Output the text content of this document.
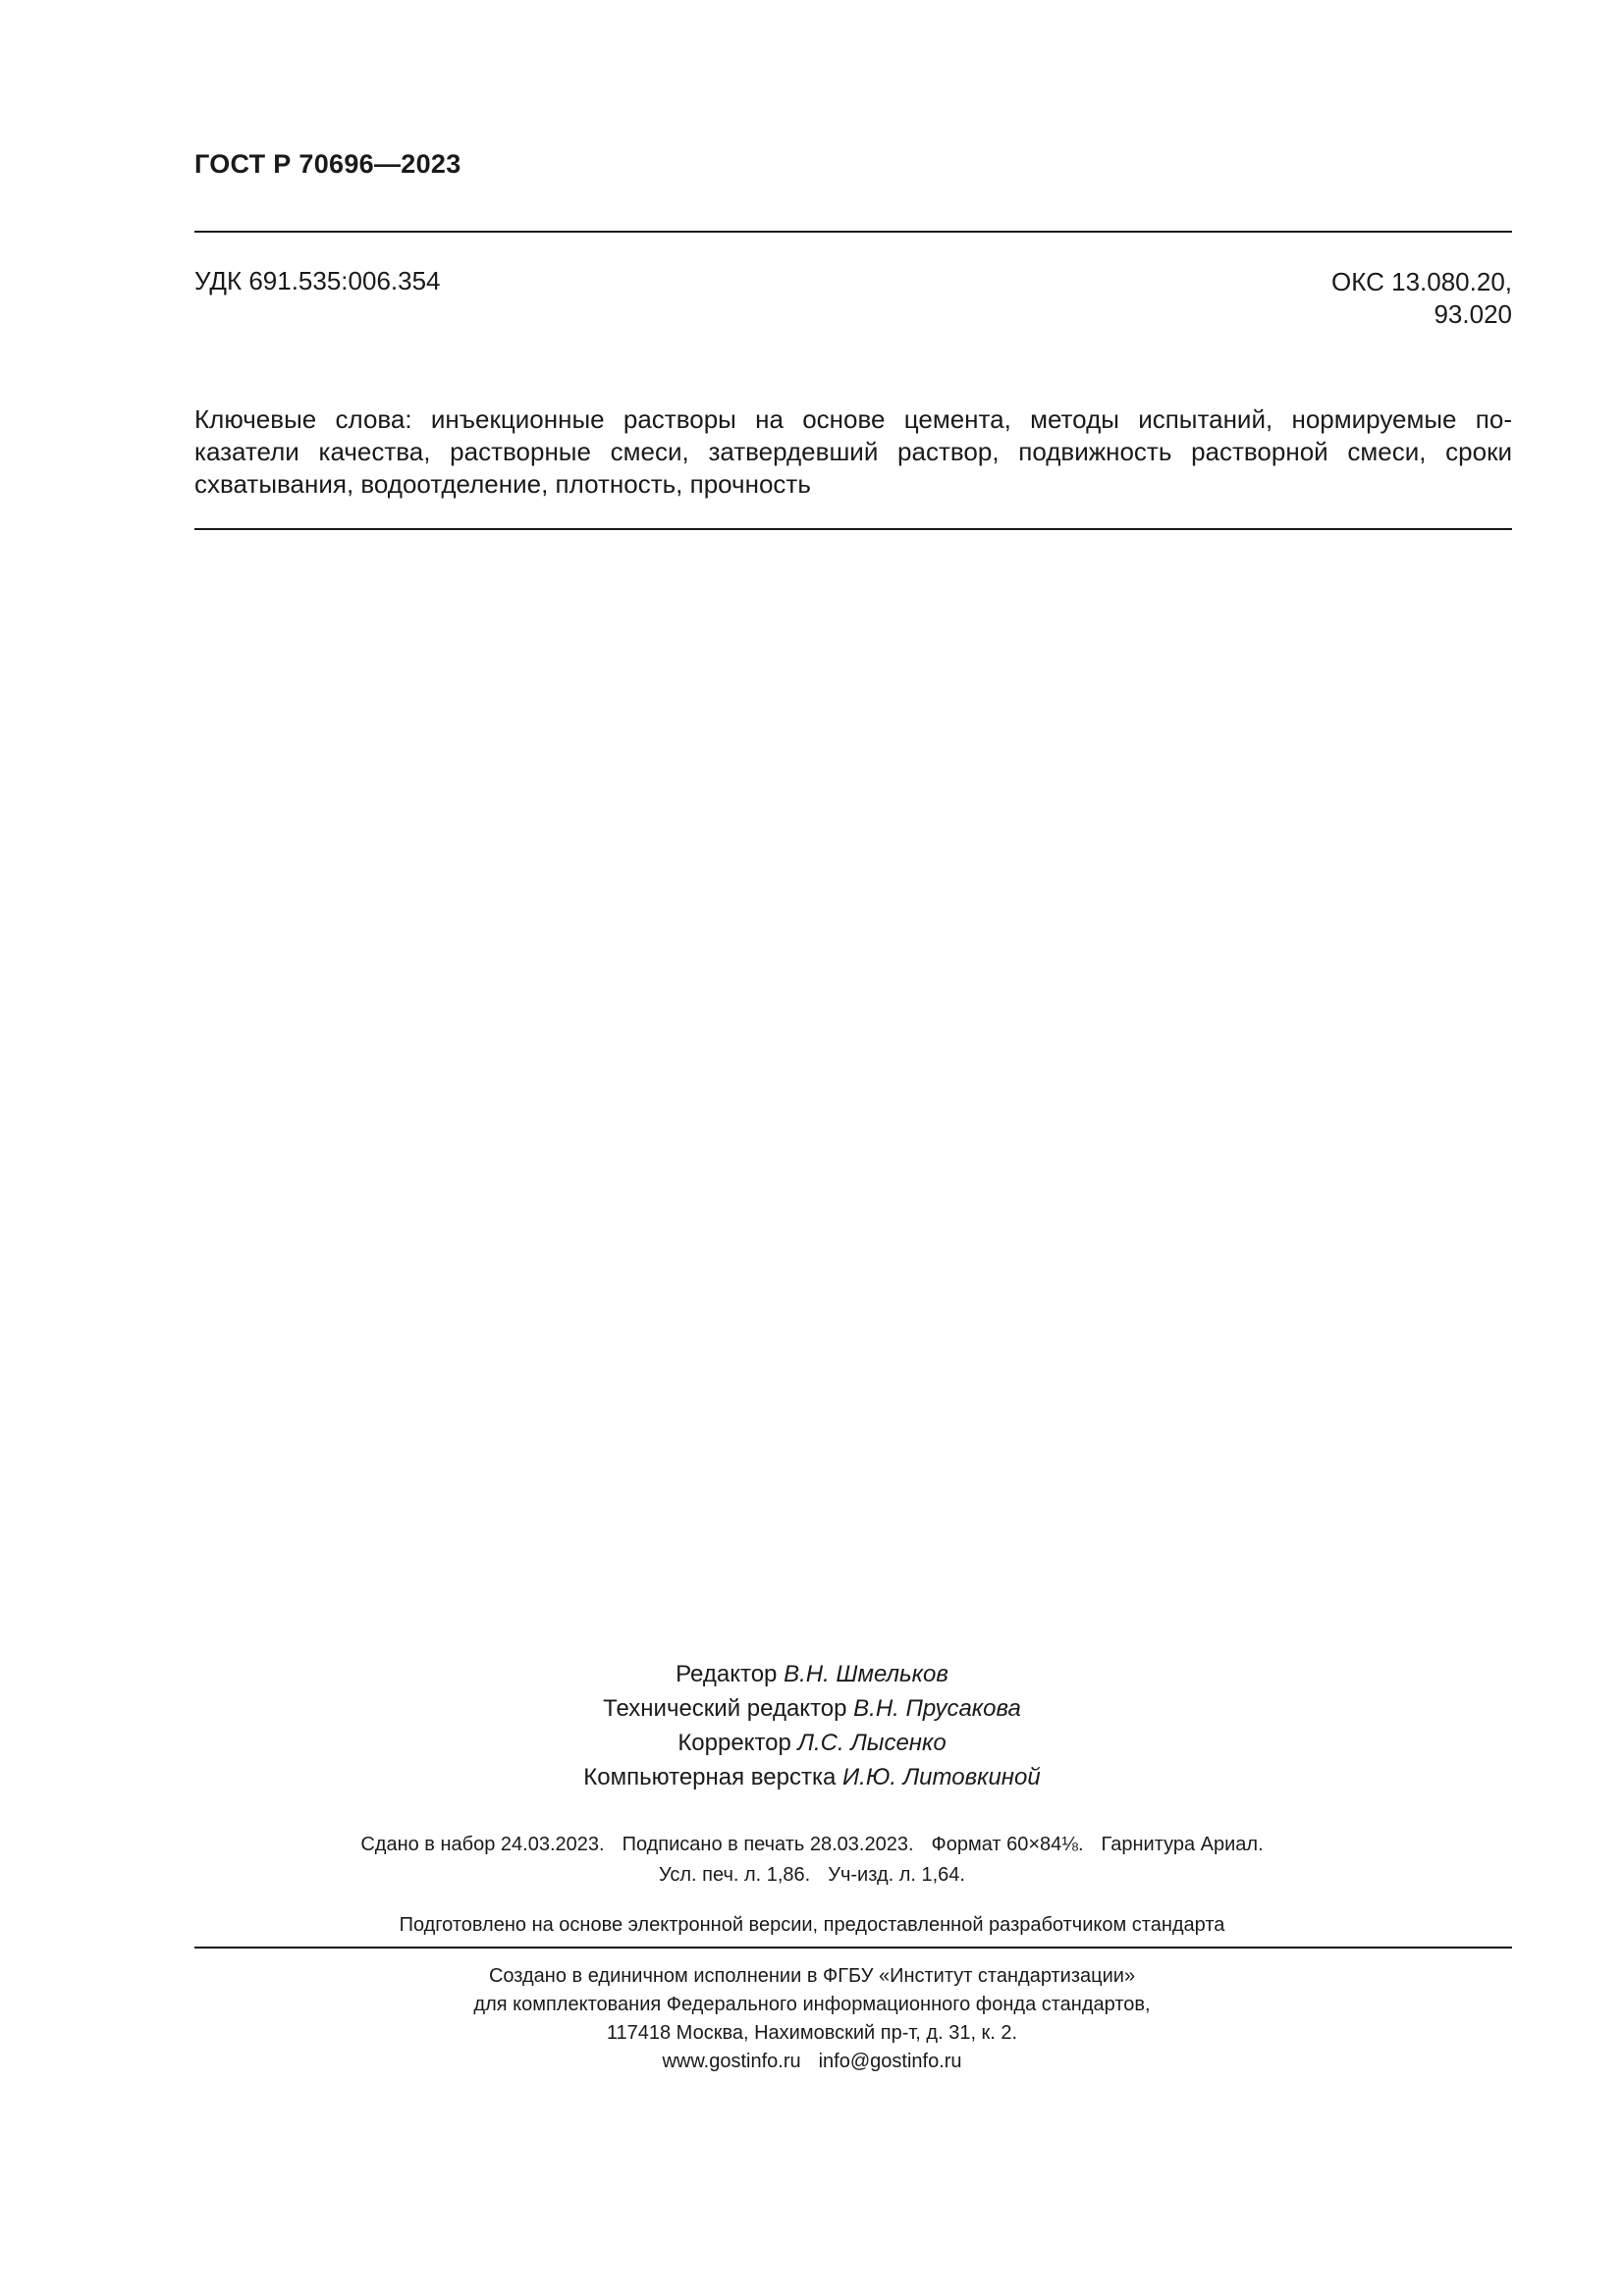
ГОСТ Р 70696—2023
УДК 691.535:006.354	ОКС 13.080.20,
93.020
Ключевые слова: инъекционные растворы на основе цемента, методы испытаний, нормируемые по-
казатели качества, растворные смеси, затвердевший раствор, подвижность растворной смеси, сроки
схватывания, водоотделение, плотность, прочность
Редактор В.Н. Шмельков
Технический редактор В.Н. Прусакова
Корректор Л.С. Лысенко
Компьютерная верстка И.Ю. Литовкиной
Сдано в набор 24.03.2023. Подписано в печать 28.03.2023. Формат 60×84⅛. Гарнитура Ариал.
Усл. печ. л. 1,86. Уч-изд. л. 1,64.
Подготовлено на основе электронной версии, предоставленной разработчиком стандарта
Создано в единичном исполнении в ФГБУ «Институт стандартизации»
для комплектования Федерального информационного фонда стандартов,
117418 Москва, Нахимовский пр-т, д. 31, к. 2.
www.gostinfo.ru info@gostinfo.ru
